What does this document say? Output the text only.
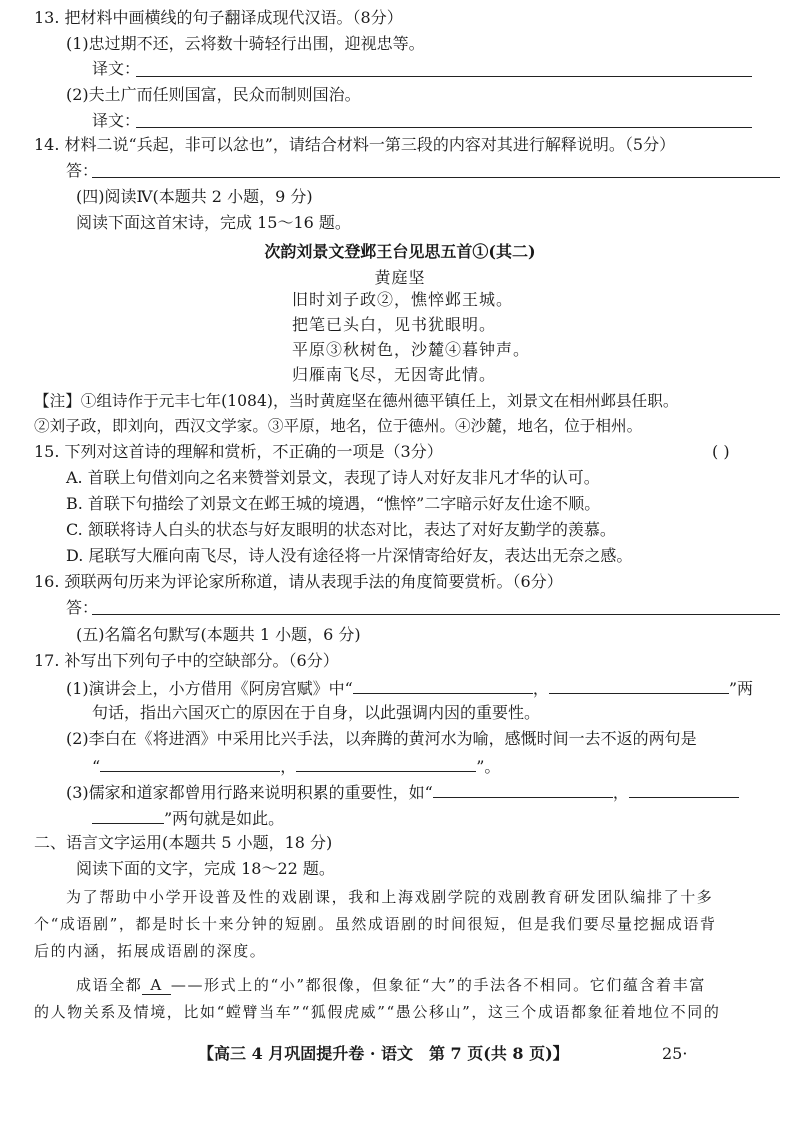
13. 把材料中画横线的句子翻译成现代汉语。（8分）
(1)忠过期不还，云将数十骑轻行出围，迎视忠等。
译文：
(2)夫土广而任则国富，民众而制则国治。
译文：
14. 材料二说“兵起，非可以忿也”，请结合材料一第三段的内容对其进行解释说明。（5分）
答：
(四)阅读Ⅳ(本题共 2 小题，9 分)
阅读下面这首宋诗，完成 15～16 题。
次韵刘景文登邺王台见思五首①(其二)
黄庭坚
旧时刘子政②，憔悴邺王城。
把笔已头白，见书犹眼明。
平原③秋树色，沙麓④暮钟声。
归雁南飞尽，无因寄此情。
【注】①组诗作于元丰七年(1084)，当时黄庭坚在德州德平镇任上，刘景文在相州邺县任职。
②刘子政，即刘向，西汉文学家。③平原，地名，位于德州。④沙麓，地名，位于相州。
15. 下列对这首诗的理解和赏析，不正确的一项是（3分）	( )
A. 首联上句借刘向之名来赞誉刘景文，表现了诗人对好友非凡才华的认可。
B. 首联下句描绘了刘景文在邺王城的境遇，“憔悴”二字暗示好友仕途不顺。
C. 颔联将诗人白头的状态与好友眼明的状态对比，表达了对好友勤学的羡慕。
D. 尾联写大雁向南飞尽，诗人没有途径将一片深情寄给好友，表达出无奈之感。
16. 颈联两句历来为评论家所称道，请从表现手法的角度简要赏析。（6分）
答：
(五)名篇名句默写(本题共 1 小题，6 分)
17. 补写出下列句子中的空缺部分。（6分）
(1)演讲会上，小方借用《阿房宫赋》中“	，	”两
句话，指出六国灭亡的原因在于自身，以此强调内因的重要性。
(2)李白在《将进酒》中采用比兴手法，以奔腾的黄河水为喻，感慨时间一去不返的两句是
“	，	”。
(3)儒家和道家都曾用行路来说明积累的重要性，如“	，
”两句就是如此。
二、语言文字运用(本题共 5 小题，18 分)
阅读下面的文字，完成 18～22 题。
为了帮助中小学开设普及性的戏剧课，我和上海戏剧学院的戏剧教育研发团队编排了十多
个“成语剧”，都是时长十来分钟的短剧。虽然成语剧的时间很短，但是我们要尽量挖掘成语背
后的内涵，拓展成语剧的深度。
成语全都 A ——形式上的“小”都很像，但象征“大”的手法各不相同。它们蕴含着丰富
的人物关系及情境，比如“螳臂当车”“狐假虎威”“愚公移山”，这三个成语都象征着地位不同的
【高三 4 月巩固提升卷 · 语文　第 7 页(共 8 页)】	25·
